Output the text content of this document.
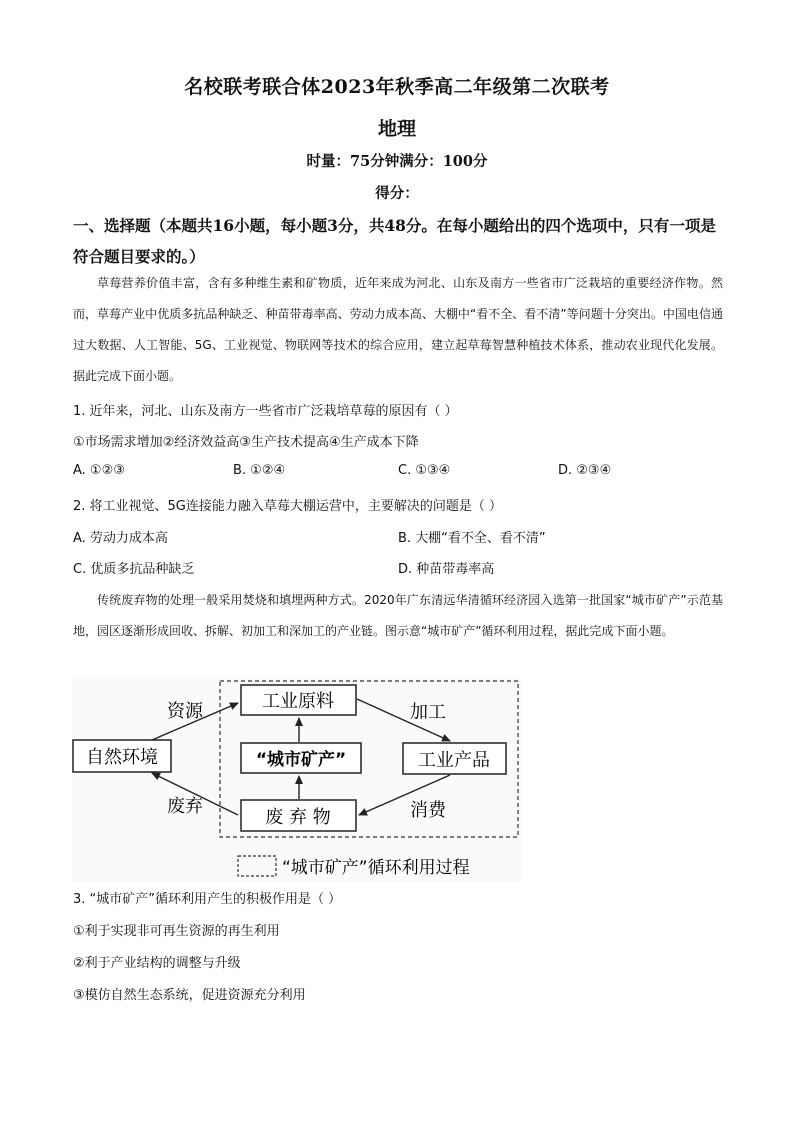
名校联考联合体2023年秋季高二年级第二次联考
地理
时量：75分钟满分：100分
得分：
一、选择题（本题共16小题，每小题3分，共48分。在每小题给出的四个选项中，只有一项是符合题目要求的。）

草莓营养价值丰富，含有多种维生素和矿物质，近年来成为河北、山东及南方一些省市广泛栽培的重要经济作物。然而，草莓产业中优质多抗品种缺乏、种苗带毒率高、劳动力成本高、大棚中“看不全、看不清”等问题十分突出。中国电信通过大数据、人工智能、5G、工业视觉、物联网等技术的综合应用，建立起草莓智慧种植技术体系，推动农业现代化发展。据此完成下面小题。

1. 近年来，河北、山东及南方一些省市广泛栽培草莓的原因有（ ）
①市场需求增加②经济效益高③生产技术提高④生产成本下降
A. ①②③	B. ①②④	C. ①③④	D. ②③④
2. 将工业视觉、5G连接能力融入草莓大棚运营中，主要解决的问题是（ ）
A. 劳动力成本高	B. 大棚“看不全、看不清”
C. 优质多抗品种缺乏	D. 种苗带毒率高

传统废弃物的处理一般采用焚烧和填埋两种方式。2020年广东清远华清循环经济园入选第一批国家“城市矿产”示范基地，园区逐渐形成回收、拆解、初加工和深加工的产业链。图示意“城市矿产”循环利用过程，据此完成下面小题。

自然环境
工业原料
“城市矿产”	工业产品
废 弃 物
资源	加工
消费
废弃
“城市矿产”循环利用过程
3. “城市矿产”循环利用产生的积极作用是（ ）
①利于实现非可再生资源的再生利用
②利于产业结构的调整与升级
③模仿自然生态系统，促进资源充分利用
